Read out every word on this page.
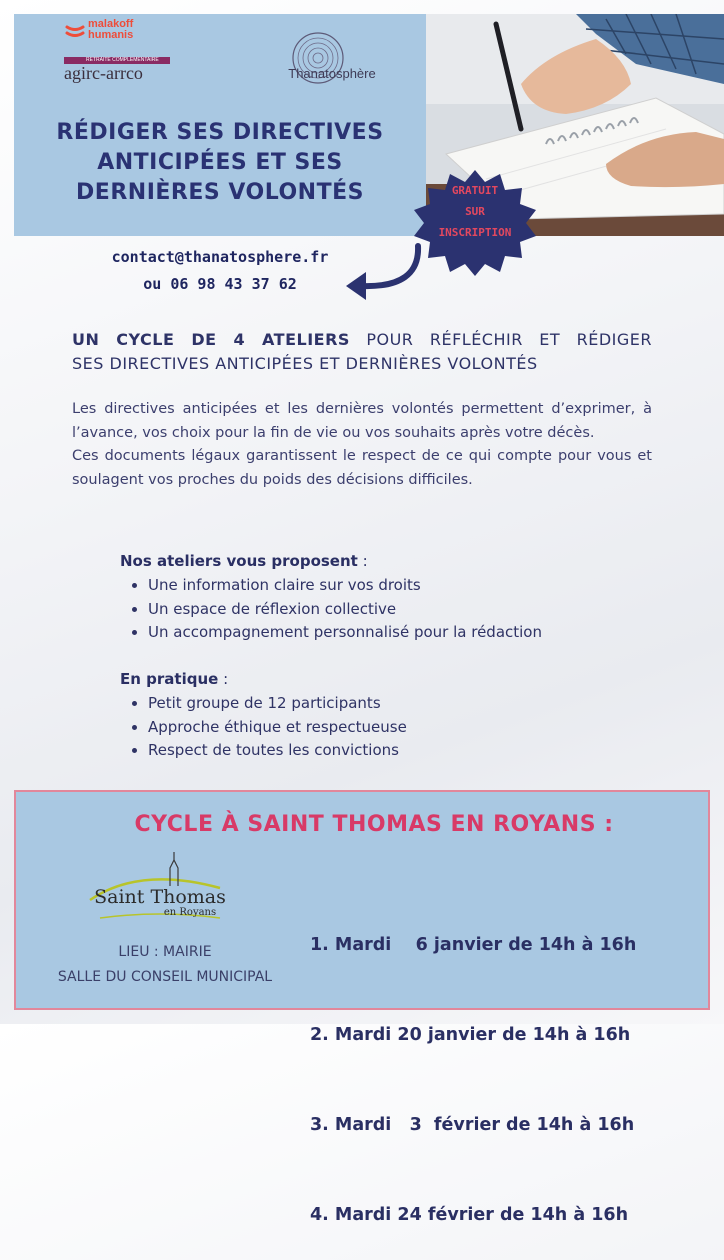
malakoff
humanis
RETRAITE COMPLÉMENTAIRE
agirc-arrco	Thanatosphère
RÉDIGER SES DIRECTIVES
ANTICIPÉES ET SES
DERNIÈRES VOLONTÉS	GRATUIT
SUR
INSCRIPTION
contact@thanatosphere.fr
ou 06 98 43 37 62
UN CYCLE DE 4 ATELIERS POUR RÉFLÉCHIR ET RÉDIGER
SES DIRECTIVES ANTICIPÉES ET DERNIÈRES VOLONTÉS
Les directives anticipées et les dernières volontés permettent d’exprimer, à l’avance, vos choix pour la fin de vie ou vos souhaits après votre décès.
Ces documents légaux garantissent le respect de ce qui compte pour vous et soulagent vos proches du poids des décisions difficiles.
Nos ateliers vous proposent :
• Une information claire sur vos droits
• Un espace de réflexion collective
• Un accompagnement personnalisé pour la rédaction
En pratique :
• Petit groupe de 12 participants
• Approche éthique et respectueuse
• Respect de toutes les convictions
CYCLE À SAINT THOMAS EN ROYANS :
Saint Thomas
en Royans
LIEU : MAIRIE
SALLE DU CONSEIL MUNICIPAL

1. Mardi    6 janvier de 14h à 16h

2. Mardi 20 janvier de 14h à 16h

3. Mardi   3  février de 14h à 16h

4. Mardi 24 février de 14h à 16h
